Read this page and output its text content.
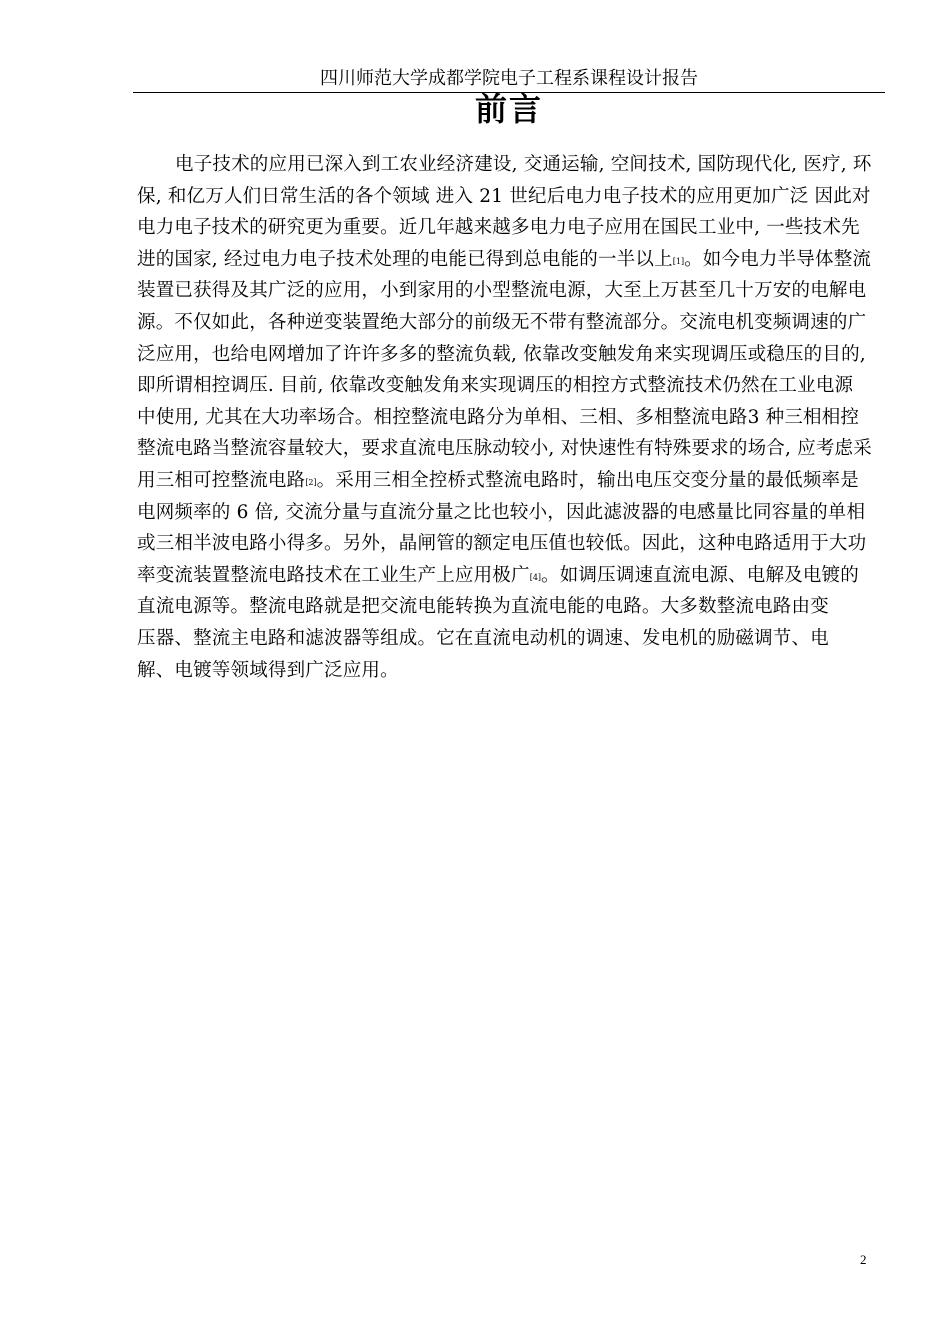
四川师范大学成都学院电子工程系课程设计报告
前言
电子技术的应用已深入到工农业经济建设, 交通运输, 空间技术, 国防现代化, 医疗, 环
保, 和亿万人们日常生活的各个领域 进入 21 世纪后电力电子技术的应用更加广泛 因此对
电力电子技术的研究更为重要。近几年越来越多电力电子应用在国民工业中, 一些技术先
进的国家, 经过电力电子技术处理的电能已得到总电能的一半以上[1]。如今电力半导体整流
装置已获得及其广泛的应用，小到家用的小型整流电源，大至上万甚至几十万安的电解电
源。不仅如此，各种逆变装置绝大部分的前级无不带有整流部分。交流电机变频调速的广
泛应用，也给电网增加了许许多多的整流负载, 依靠改变触发角来实现调压或稳压的目的,
即所谓相控调压. 目前, 依靠改变触发角来实现调压的相控方式整流技术仍然在工业电源
中使用, 尤其在大功率场合。相控整流电路分为单相、三相、多相整流电路3 种三相相控
整流电路当整流容量较大，要求直流电压脉动较小, 对快速性有特殊要求的场合, 应考虑采
用三相可控整流电路[2]。采用三相全控桥式整流电路时，输出电压交变分量的最低频率是
电网频率的 6 倍, 交流分量与直流分量之比也较小，因此滤波器的电感量比同容量的单相
或三相半波电路小得多。另外，晶闸管的额定电压值也较低。因此，这种电路适用于大功
率变流装置整流电路技术在工业生产上应用极广[4]。如调压调速直流电源、电解及电镀的
直流电源等。整流电路就是把交流电能转换为直流电能的电路。大多数整流电路由变
压器、整流主电路和滤波器等组成。它在直流电动机的调速、发电机的励磁调节、电
解、电镀等领域得到广泛应用。
2
